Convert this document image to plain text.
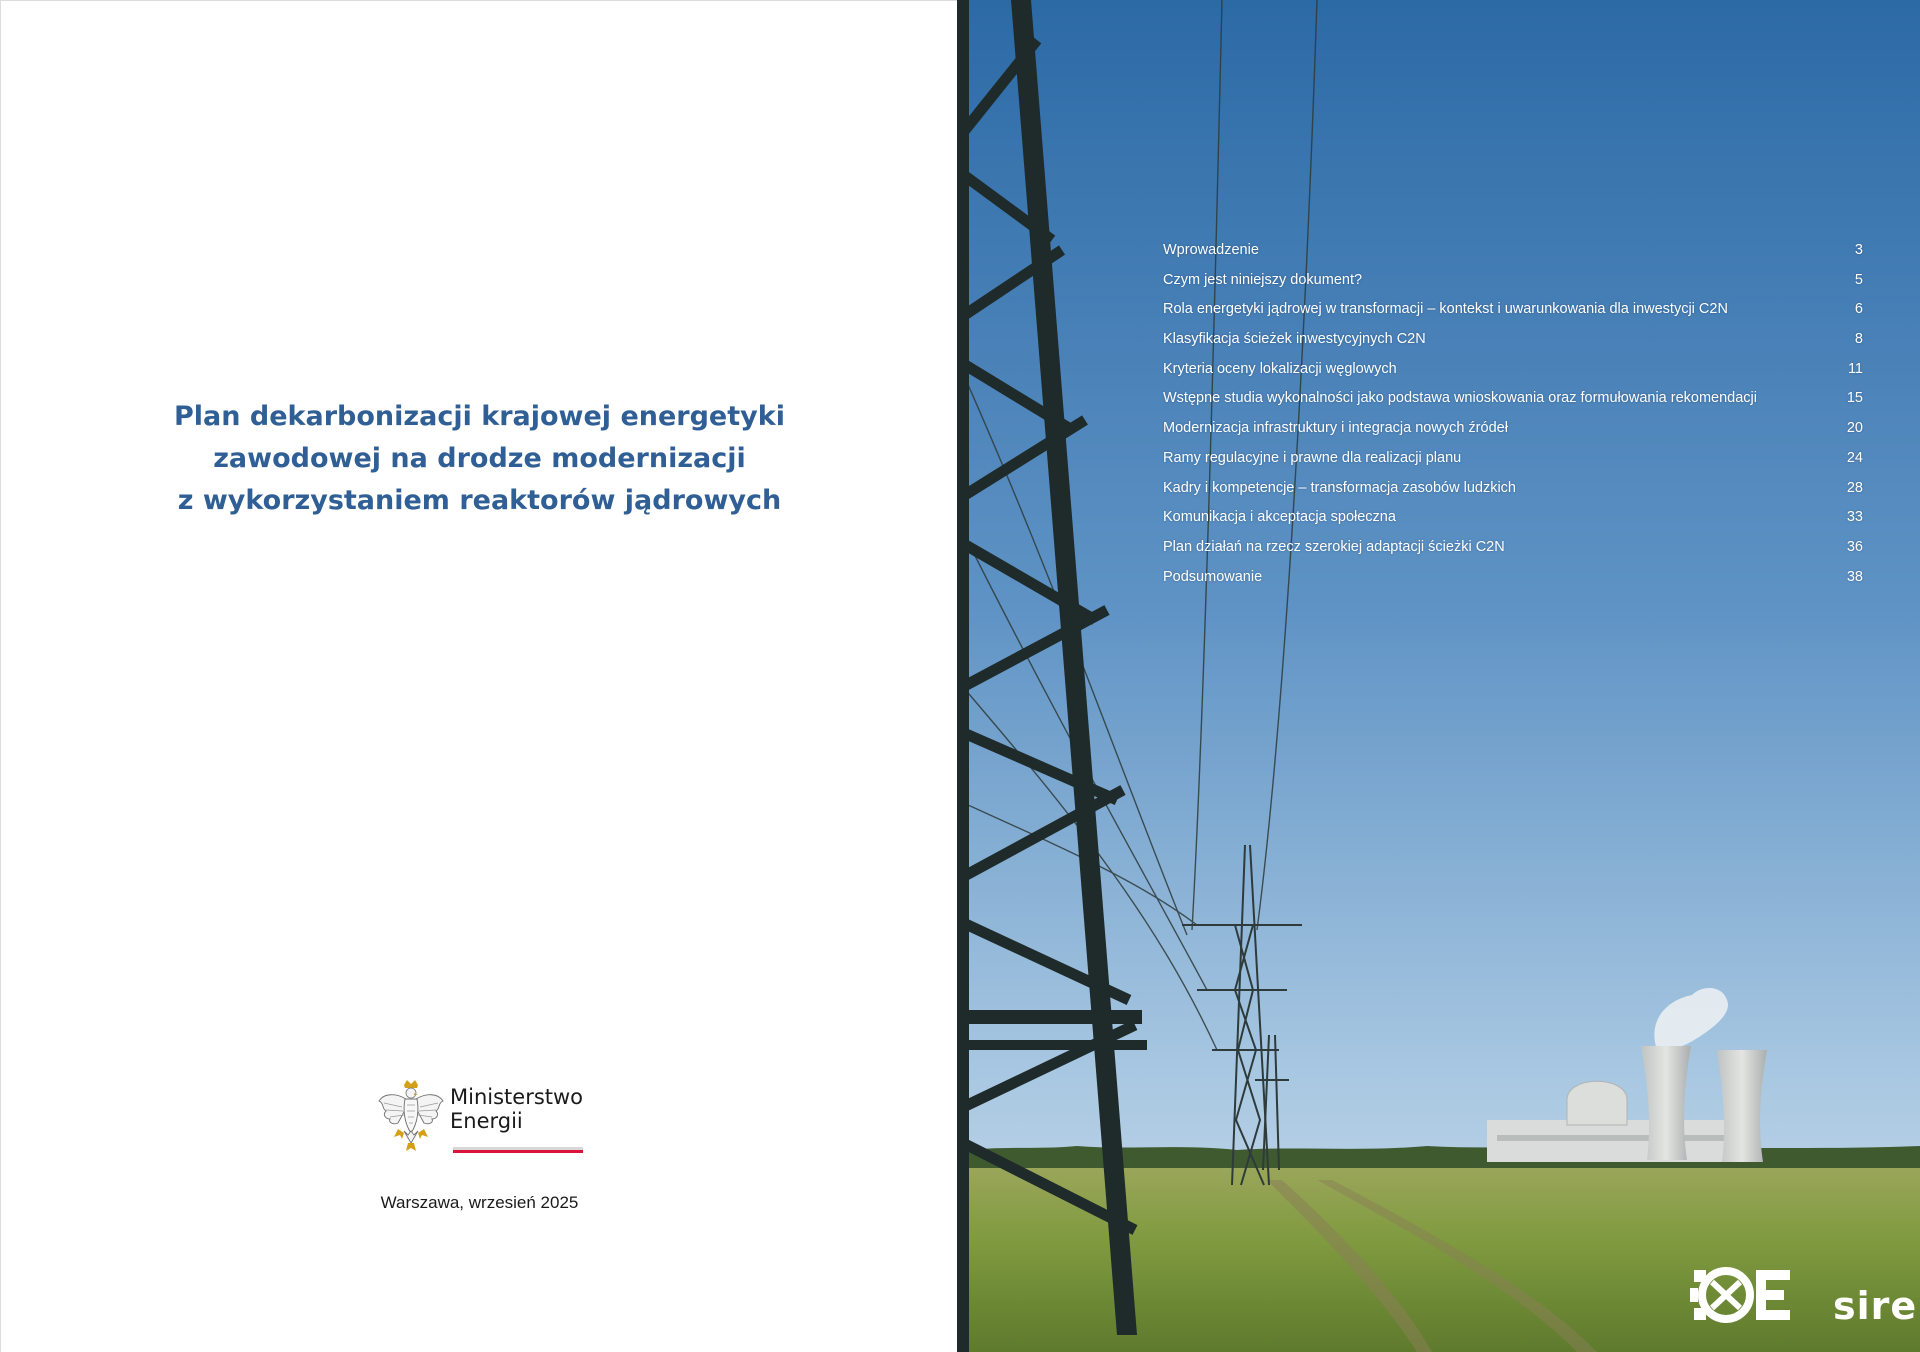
Plan dekarbonizacji krajowej energetyki
zawodowej na drodze modernizacji
z wykorzystaniem reaktorów jądrowych
Ministerstwo
Energii
Warszawa, wrzesień 2025
Wprowadzenie	3
Czym jest niniejszy dokument?	5
Rola energetyki jądrowej w transformacji – kontekst i uwarunkowania dla inwestycji C2N	6
Klasyfikacja ścieżek inwestycyjnych C2N	8
Kryteria oceny lokalizacji węglowych	11
Wstępne studia wykonalności jako podstawa wnioskowania oraz formułowania rekomendacji	15
Modernizacja infrastruktury i integracja nowych źródeł	20
Ramy regulacyjne i prawne dla realizacji planu	24
Kadry i kompetencje – transformacja zasobów ludzkich	28
Komunikacja i akceptacja społeczna	33
Plan działań na rzecz szerokiej adaptacji ścieżki C2N	36
Podsumowanie	38
sire
